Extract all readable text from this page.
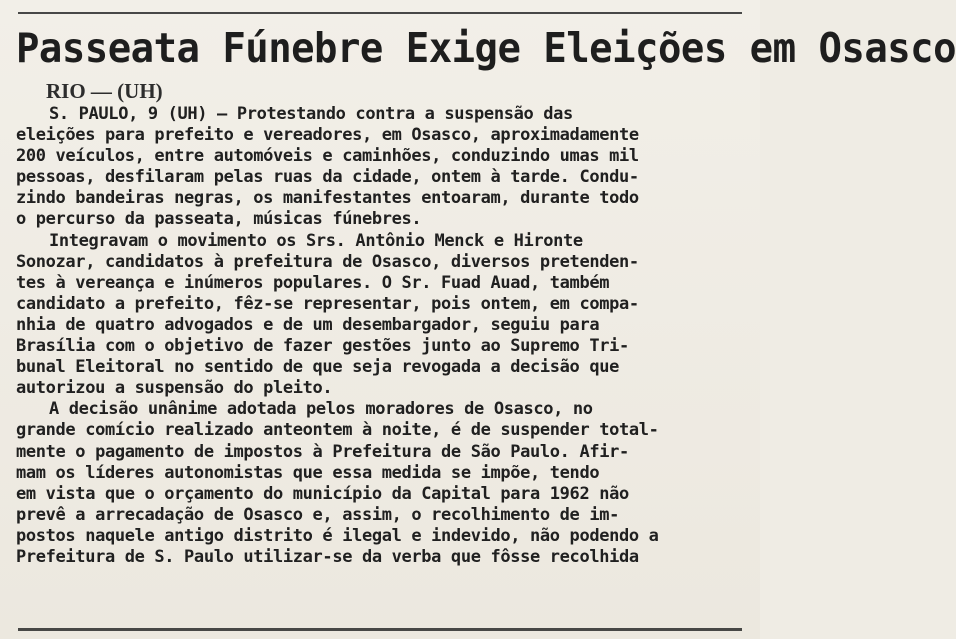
Passeata Fúnebre Exige Eleições em Osasco
RIO — (UH)
S. PAULO, 9 (UH) — Protestando contra a suspensão das
eleições para prefeito e vereadores, em Osasco, aproximadamente
200 veículos, entre automóveis e caminhões, conduzindo umas mil
pessoas, desfilaram pelas ruas da cidade, ontem à tarde. Condu-
zindo bandeiras negras, os manifestantes entoaram, durante todo
o percurso da passeata, músicas fúnebres.
Integravam o movimento os Srs. Antônio Menck e Hironte
Sonozar, candidatos à prefeitura de Osasco, diversos pretenden-
tes à vereança e inúmeros populares. O Sr. Fuad Auad, também
candidato a prefeito, fêz-se representar, pois ontem, em compa-
nhia de quatro advogados e de um desembargador, seguiu para
Brasília com o objetivo de fazer gestões junto ao Supremo Tri-
bunal Eleitoral no sentido de que seja revogada a decisão que
autorizou a suspensão do pleito.
A decisão unânime adotada pelos moradores de Osasco, no
grande comício realizado anteontem à noite, é de suspender total-
mente o pagamento de impostos à Prefeitura de São Paulo. Afir-
mam os líderes autonomistas que essa medida se impõe, tendo
em vista que o orçamento do município da Capital para 1962 não
prevê a arrecadação de Osasco e, assim, o recolhimento de im-
postos naquele antigo distrito é ilegal e indevido, não podendo a
Prefeitura de S. Paulo utilizar-se da verba que fôsse recolhida
